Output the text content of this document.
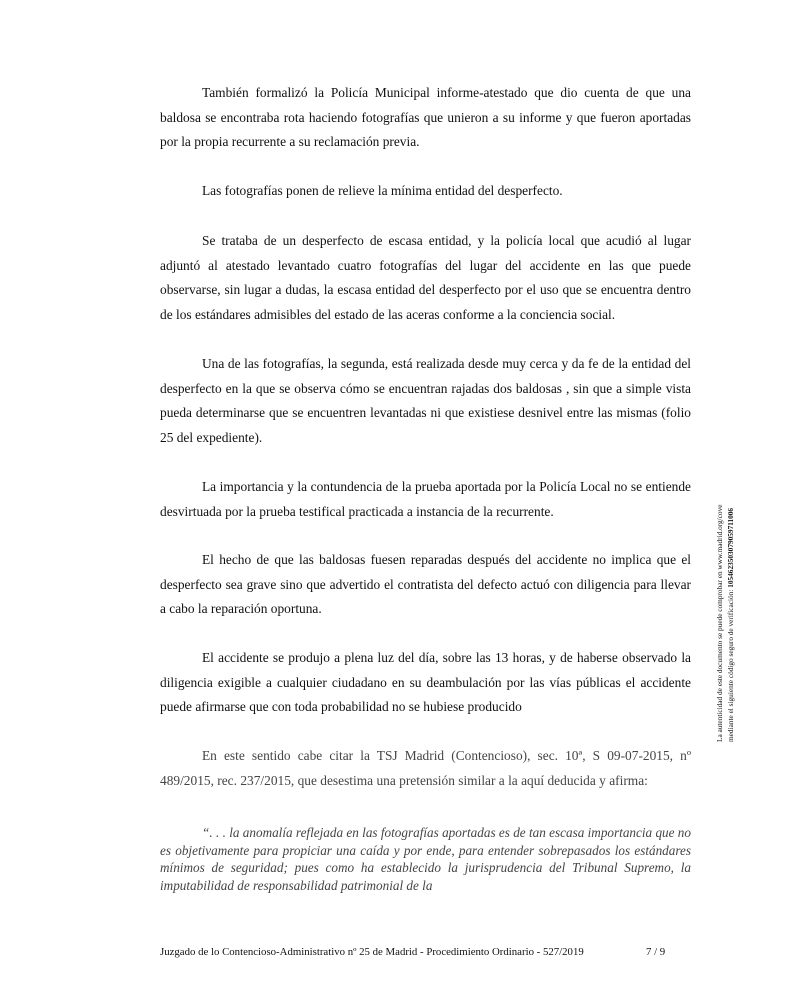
También formalizó la Policía Municipal informe-atestado que dio cuenta de que una baldosa se encontraba rota haciendo fotografías que unieron a su informe y que fueron aportadas por la propia recurrente a su reclamación previa.

Las fotografías ponen de relieve la mínima entidad del desperfecto.

Se trataba de un desperfecto de escasa entidad, y la policía local que acudió al lugar adjuntó al atestado levantado cuatro fotografías del lugar del accidente en las que puede observarse, sin lugar a dudas, la escasa entidad del desperfecto por el uso que se encuentra dentro de los estándares admisibles del estado de las aceras conforme a la conciencia social.

Una de las fotografías, la segunda, está realizada desde muy cerca y da fe de la entidad del desperfecto en la que se observa cómo se encuentran rajadas dos baldosas , sin que a simple vista pueda determinarse que se encuentren levantadas ni que existiese desnivel entre las mismas (folio 25 del expediente).

La importancia y la contundencia de la prueba aportada por la Policía Local no se entiende desvirtuada por la prueba testifical practicada a instancia de la recurrente.

El hecho de que las baldosas fuesen reparadas después del accidente no implica que el desperfecto sea grave sino que advertido el contratista del defecto actuó con diligencia para llevar a cabo la reparación oportuna.

El accidente se produjo a plena luz del día, sobre las 13 horas, y de haberse observado la diligencia exigible a cualquier ciudadano en su deambulación por las vías públicas el accidente puede afirmarse que con toda probabilidad no se hubiese producido

En este sentido cabe citar la TSJ Madrid (Contencioso), sec. 10ª, S 09-07-2015, nº 489/2015, rec. 237/2015, que desestima una pretensión similar a la aquí deducida y afirma:

“. . . la anomalía reflejada en las fotografías aportadas es de tan escasa importancia que no es objetivamente para propiciar una caída y por ende, para entender sobrepasados los estándares mínimos de seguridad; pues como ha establecido la jurisprudencia del Tribunal Supremo, la imputabilidad de responsabilidad patrimonial de la

Juzgado de lo Contencioso-Administrativo nº 25 de Madrid - Procedimiento Ordinario - 527/2019	7 / 9
La autenticidad de este documento se puede comprobar en www.madrid.org/cove mediante el siguiente código seguro de verificación: 1054623503079059711006
